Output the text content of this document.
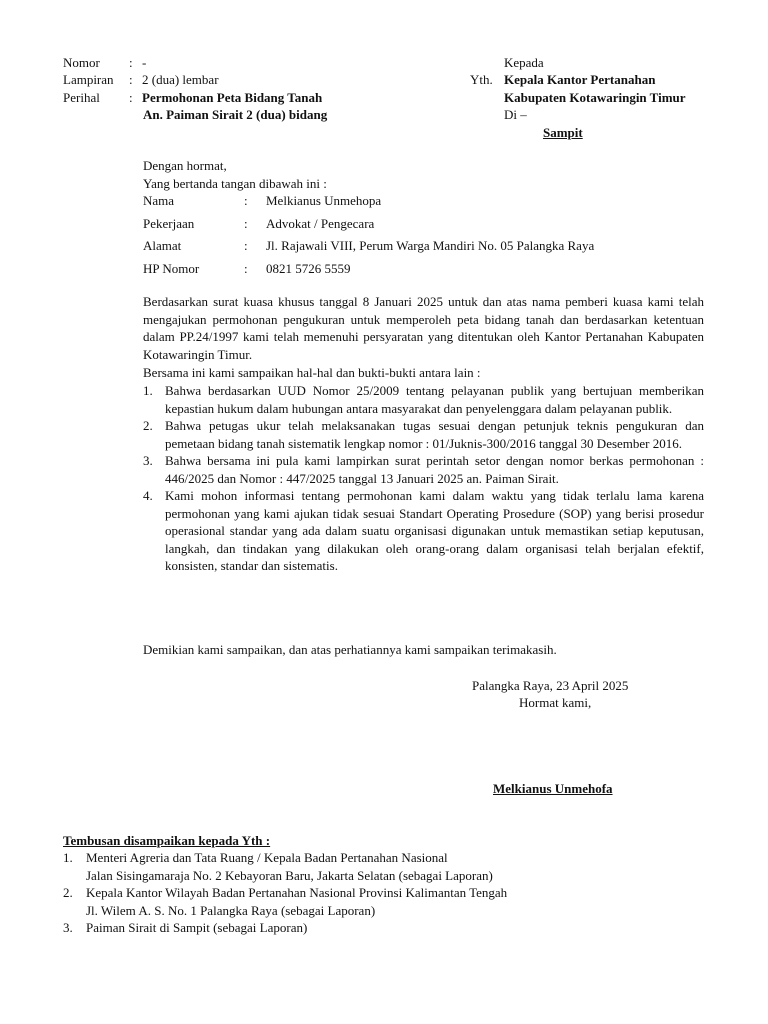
Nomor : -
Lampiran : 2 (dua) lembar
Perihal : Permohonan Peta Bidang Tanah
An. Paiman Sirait 2 (dua) bidang
Kepada
Yth. Kepala Kantor Pertanahan
Kabupaten Kotawaringin Timur
Di –
Sampit
Dengan hormat,
Yang bertanda tangan dibawah ini :
Nama	: Melkianus Unmehopa
Pekerjaan	: Advokat / Pengecara
Alamat	: Jl. Rajawali VIII, Perum Warga Mandiri No. 05 Palangka Raya
HP Nomor	: 0821 5726 5559
Berdasarkan surat kuasa khusus tanggal 8 Januari 2025 untuk dan atas nama pemberi kuasa kami telah mengajukan permohonan pengukuran untuk memperoleh peta bidang tanah dan berdasarkan ketentuan dalam PP.24/1997 kami telah memenuhi persyaratan yang ditentukan oleh Kantor Pertanahan Kabupaten Kotawaringin Timur.
Bersama ini kami sampaikan hal-hal dan bukti-bukti antara lain :
1. Bahwa berdasarkan UUD Nomor 25/2009 tentang pelayanan publik yang bertujuan memberikan kepastian hukum dalam hubungan antara masyarakat dan penyelenggara dalam pelayanan publik.
2. Bahwa petugas ukur telah melaksanakan tugas sesuai dengan petunjuk teknis pengukuran dan pemetaan bidang tanah sistematik lengkap nomor : 01/Juknis-300/2016 tanggal 30 Desember 2016.
3. Bahwa bersama ini pula kami lampirkan surat perintah setor dengan nomor berkas permohonan : 446/2025 dan Nomor : 447/2025 tanggal 13 Januari 2025 an. Paiman Sirait.
4. Kami mohon informasi tentang permohonan kami dalam waktu yang tidak terlalu lama karena permohonan yang kami ajukan tidak sesuai Standart Operating Prosedure (SOP) yang berisi prosedur operasional standar yang ada dalam suatu organisasi digunakan untuk memastikan setiap keputusan, langkah, dan tindakan yang dilakukan oleh orang-orang dalam organisasi telah berjalan efektif, konsisten, standar dan sistematis.
Demikian kami sampaikan, dan atas perhatiannya kami sampaikan terimakasih.
Palangka Raya, 23 April 2025
Hormat kami,
Melkianus Unmehofa
Tembusan disampaikan kepada Yth :
1. Menteri Agreria dan Tata Ruang / Kepala Badan Pertanahan Nasional
Jalan Sisingamaraja No. 2 Kebayoran Baru, Jakarta Selatan (sebagai Laporan)
2. Kepala Kantor Wilayah Badan Pertanahan Nasional Provinsi Kalimantan Tengah
Jl. Wilem A. S. No. 1 Palangka Raya (sebagai Laporan)
3. Paiman Sirait di Sampit (sebagai Laporan)
